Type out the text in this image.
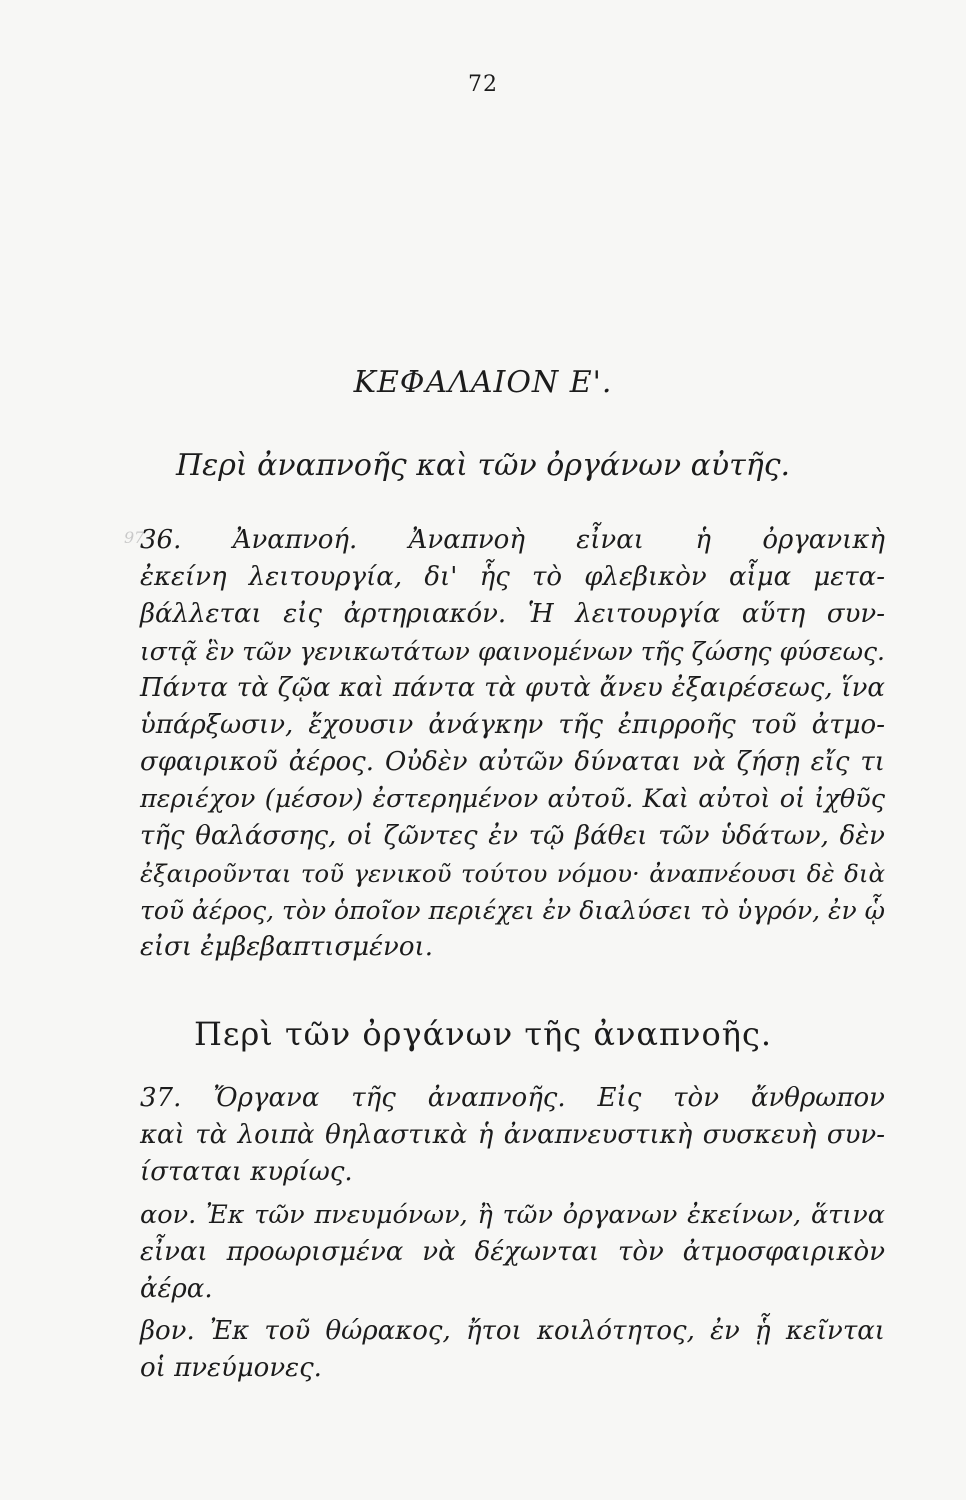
72
ΚΕΦΑΛΑΙΟΝ Ε'.
Περὶ ἀναπνοῆς καὶ τῶν ὀργάνων αὐτῆς.
97
36. Ἀναπνοή. Ἀναπνοὴ εἶναι ἡ ὀργανικὴ
ἐκείνη λειτουργία, δι' ἧς τὸ φλεβικὸν αἷμα μετα-
βάλλεται εἰς ἀρτηριακόν. Ἡ λειτουργία αὕτη συν-
ιστᾷ ἓν τῶν γενικωτάτων φαινομένων τῆς ζώσης φύσεως.
Πάντα τὰ ζῷα καὶ πάντα τὰ φυτὰ ἄνευ ἐξαιρέσεως, ἵνα
ὑπάρξωσιν, ἔχουσιν ἀνάγκην τῆς ἐπιρροῆς τοῦ ἀτμο-
σφαιρικοῦ ἀέρος. Οὐδὲν αὐτῶν δύναται νὰ ζήσῃ εἴς τι
περιέχον (μέσον) ἐστερημένον αὐτοῦ. Καὶ αὐτοὶ οἱ ἰχθῦς
τῆς θαλάσσης, οἱ ζῶντες ἐν τῷ βάθει τῶν ὑδάτων, δὲν
ἐξαιροῦνται τοῦ γενικοῦ τούτου νόμου· ἀναπνέουσι δὲ διὰ
τοῦ ἀέρος, τὸν ὁποῖον περιέχει ἐν διαλύσει τὸ ὑγρόν, ἐν ᾧ
εἰσι ἐμβεβαπτισμένοι.
Περὶ τῶν ὀργάνων τῆς ἀναπνοῆς.
37. Ὄργανα τῆς ἀναπνοῆς. Εἰς τὸν ἄνθρωπον
καὶ τὰ λοιπὰ θηλαστικὰ ἡ ἀναπνευστικὴ συσκευὴ συν-
ίσταται κυρίως.
αον. Ἐκ τῶν πνευμόνων, ἢ τῶν ὀργανων ἐκείνων, ἅτινα
εἶναι προωρισμένα νὰ δέχωνται τὸν ἀτμοσφαιρικὸν
ἀέρα.
βον. Ἐκ τοῦ θώρακος, ἤτοι κοιλότητος, ἐν ᾗ κεῖνται
οἱ πνεύμονες.
